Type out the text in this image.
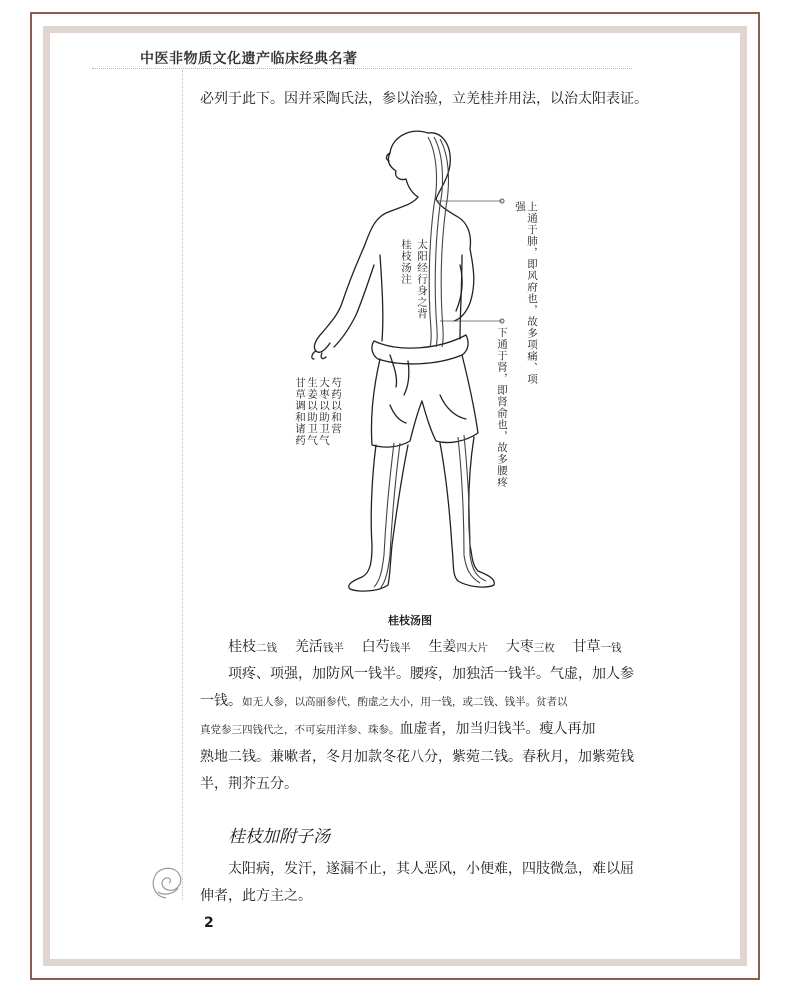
中医非物质文化遗产临床经典名著
必列于此下。因并采陶氏法，参以治验，立羌桂并用法，以治太阳表证。
太阳经行身之背
桂枝汤注	上通于肺，即风府也，故多项痛、项强
下通于肾，即肾俞也，故多腰疼
芍药以和营
大枣以助卫气
生姜以助卫气
甘草调和诸药
桂枝汤图
桂枝二钱 羌活钱半 白芍钱半 生姜四大片 大枣三枚 甘草一钱
项疼、项强，加防风一钱半。腰疼，加独活一钱半。气虚，加人参
一钱。如无人参，以高丽参代，酌虚之大小，用一钱，或二钱、钱半。贫者以
真党参三四钱代之，不可妄用洋参、珠参。血虚者，加当归钱半。瘦人再加
熟地二钱。兼嗽者，冬月加款冬花八分，紫菀二钱。春秋月，加紫菀钱
半，荆芥五分。
桂枝加附子汤
太阳病，发汗，遂漏不止，其人恶风，小便难，四肢微急，难以屈
伸者，此方主之。
2
